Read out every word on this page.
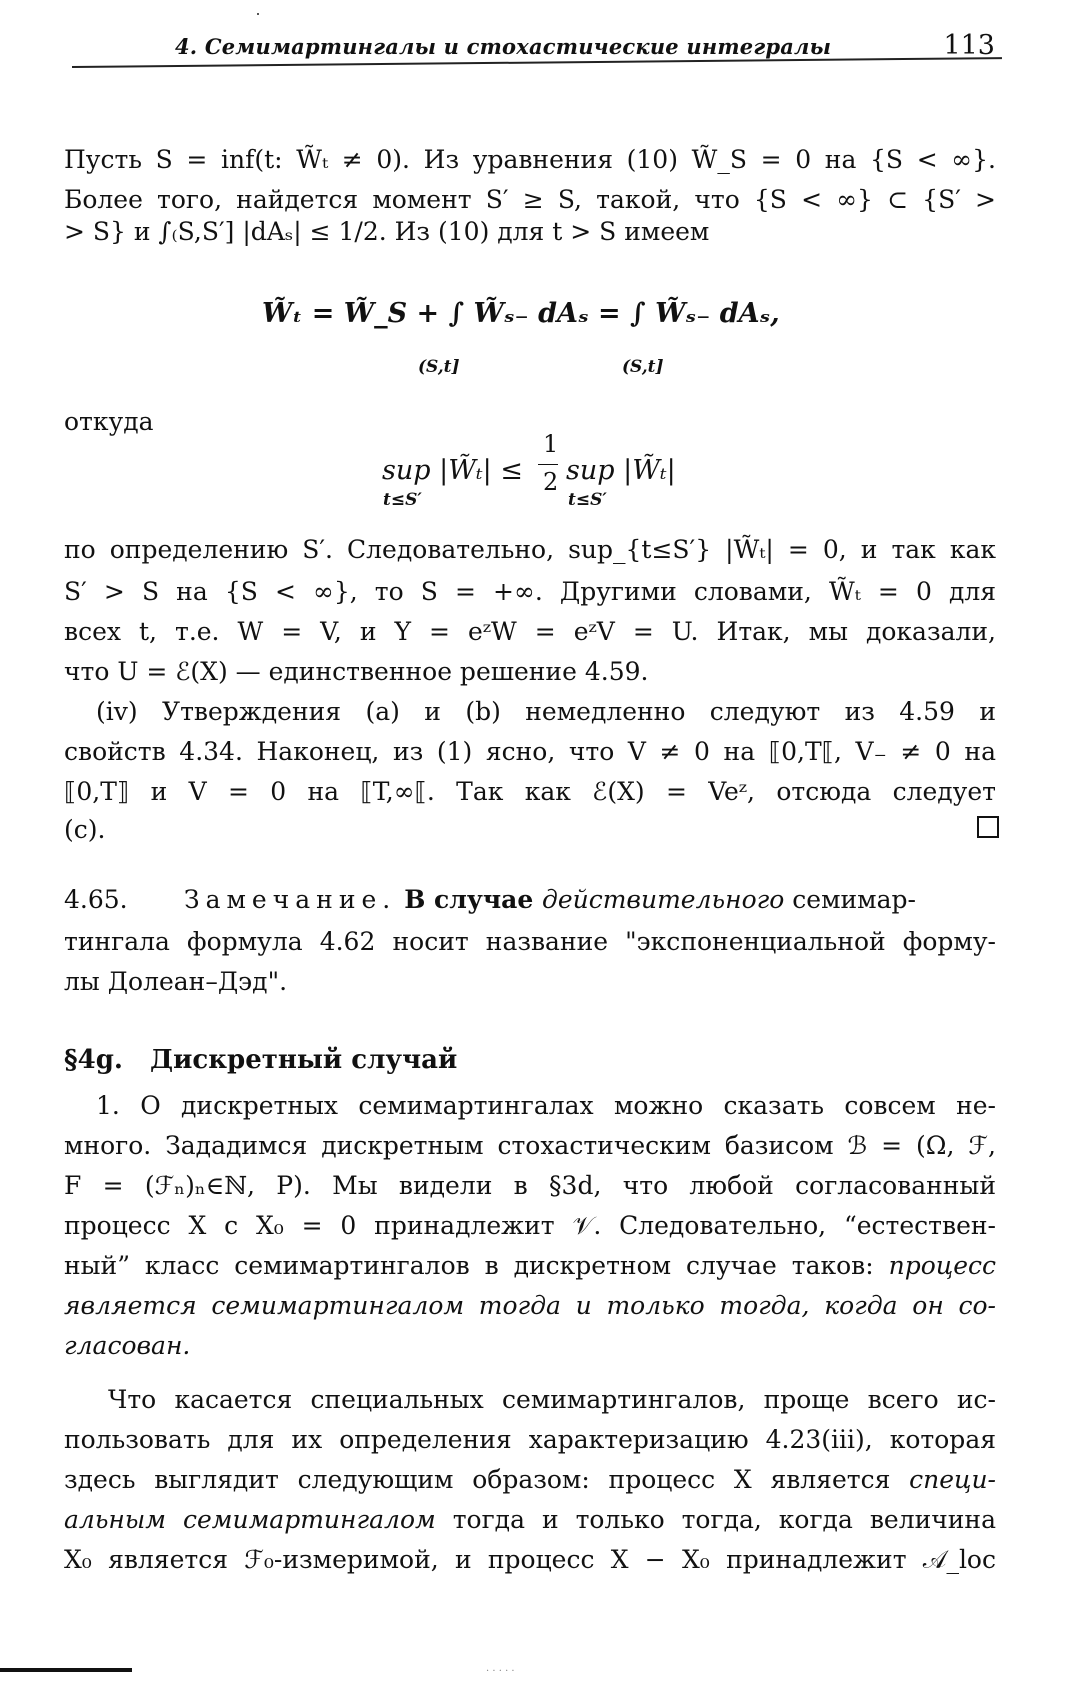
4. Семимартингалы и стохастические интегралы	113
Пусть S = inf(t: W̃ₜ ≠ 0). Из уравнения (10) W̃_S = 0 на {S < ∞}.
Более того, найдется момент S′ ≥ S, такой, что {S < ∞} ⊂ {S′ >
> S} и ∫₍S,S′] |dAₛ| ≤ 1/2. Из (10) для t > S имеем
W̃ₜ = W̃_S + ∫ W̃ₛ₋ dAₛ = ∫ W̃ₛ₋ dAₛ,
(S,t]	(S,t]
откуда
sup |W̃ₜ| ≤
1
2 sup |W̃ₜ|
t≤S′	t≤S′
по определению S′. Следовательно, sup_{t≤S′} |W̃ₜ| = 0, и так как
S′ > S на {S < ∞}, то S = +∞. Другими словами, W̃ₜ = 0 для
всех t, т.е. W = V, и Y = eᶻW = eᶻV = U. Итак, мы доказали,
что U = ℰ(X) — единственное решение 4.59.
(iv) Утверждения (a) и (b) немедленно следуют из 4.59 и
свойств 4.34. Наконец, из (1) ясно, что V ≠ 0 на ⟦0,T⟦, V₋ ≠ 0 на
⟦0,T⟧ и V = 0 на ⟦T,∞⟦. Так как ℰ(X) = Veᶻ, отсюда следует
(c).
4.65. Замечание. В случае действительного семимар-
тингала формула 4.62 носит название "экспоненциальной форму-
лы Долеан–Дэд".
§4g. Дискретный случай
1. О дискретных семимартингалах можно сказать совсем не-
много. Зададимся дискретным стохастическим базисом ℬ = (Ω, ℱ,
F = (ℱₙ)ₙ∈ℕ, P). Мы видели в §3d, что любой согласованный
процесс X с X₀ = 0 принадлежит 𝒱. Следовательно, “естествен-
ный” класс семимартингалов в дискретном случае таков: процесс
является семимартингалом тогда и только тогда, когда он со-
гласован.
Что касается специальных семимартингалов, проще всего ис-
пользовать для их определения характеризацию 4.23(iii), которая
здесь выглядит следующим образом: процесс X является специ-
альным семимартингалом тогда и только тогда, когда величина
X₀ является ℱ₀-измеримой, и процесс X − X₀ принадлежит 𝒜_loc
· · · · ·
